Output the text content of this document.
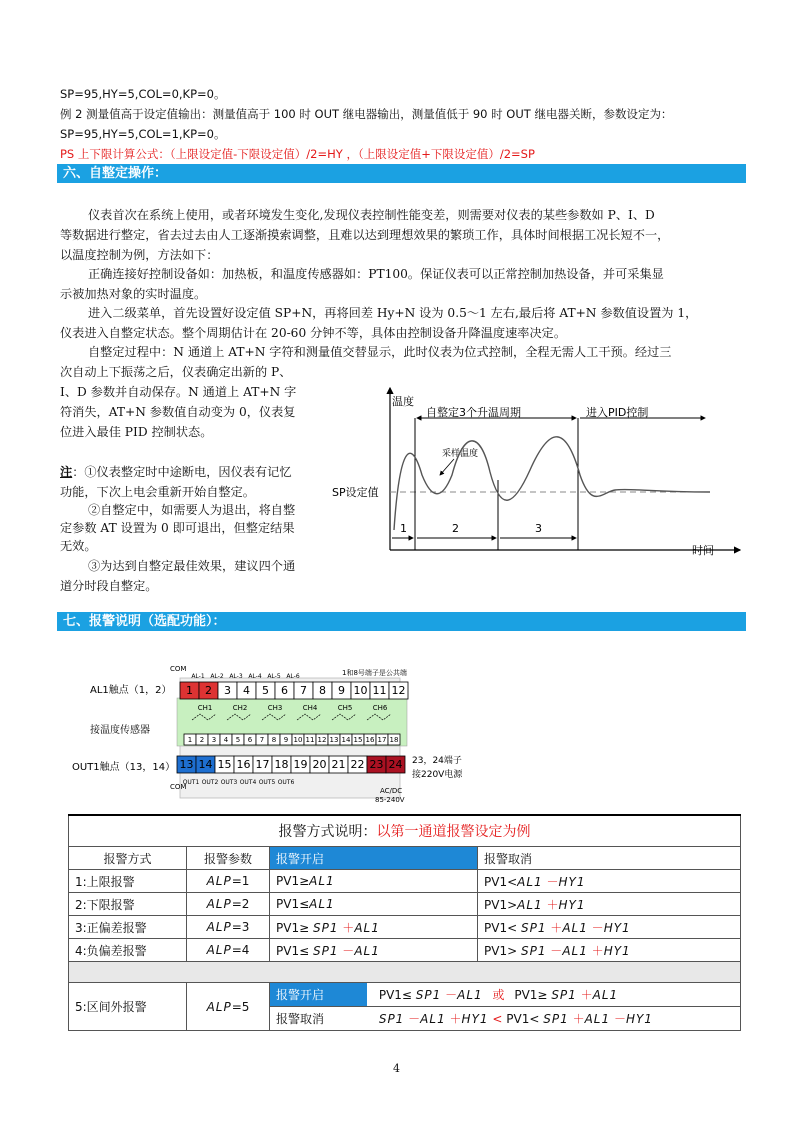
SP=95,HY=5,COL=0,KP=0。
例 2 测量值高于设定值输出：测量值高于 100 时 OUT 继电器输出，测量值低于 90 时 OUT 继电器关断，参数设定为：
SP=95,HY=5,COL=1,KP=0。
PS 上下限计算公式：（上限设定值-下限设定值）/2=HY ，（上限设定值+下限设定值）/2=SP
六、自整定操作：
仪表首次在系统上使用，或者环境发生变化,发现仪表控制性能变差，则需要对仪表的某些参数如 P、I、D
等数据进行整定，省去过去由人工逐渐摸索调整，且难以达到理想效果的繁琐工作，具体时间根据工况长短不一，
以温度控制为例，方法如下：
正确连接好控制设备如：加热板，和温度传感器如：PT100。保证仪表可以正常控制加热设备，并可采集显
示被加热对象的实时温度。
进入二级菜单，首先设置好设定值 SP+N，再将回差 Hy+N 设为 0.5～1 左右,最后将 AT+N 参数值设置为 1，
仪表进入自整定状态。整个周期估计在 20-60 分钟不等，具体由控制设备升降温度速率决定。
自整定过程中：N 通道上 AT+N 字符和测量值交替显示，此时仪表为位式控制，全程无需人工干预。经过三
次自动上下振荡之后，仪表确定出新的 P、
I、D 参数并自动保存。N 通道上 AT+N 字
符消失，AT+N 参数值自动变为 0，仪表复
位进入最佳 PID 控制状态。
注：①仪表整定时中途断电，因仪表有记忆
功能，下次上电会重新开始自整定。
②自整定中，如需要人为退出，将自整
定参数 AT 设置为 0 即可退出，但整定结果
无效。
③为达到自整定最佳效果，建议四个通
道分时段自整定。
温度
时间
SP设定值
自整定3个升温周期	进入PID控制
采样温度
1	2	3
七、报警说明（选配功能）：
COM
COM
AL1触点（1，2）
接温度传感器
OUT1触点（13，14）
1和8号端子是公共端
23，24端子
接220V电源
AC/DC
85-240V
AL-1 AL-2 AL-3 AL-4 AL-5 AL-6
CH1	CH2	CH3	CH4	CH5	CH6
OUT1 OUT2 OUT3 OUT4 OUT5 OUT6
1 2 3 4 5 6 7 8 9 10 11 12
1 2 3 4 5 6 7 8 9 10 11 12 13 14 15 16 17 18
13 14 15 16 17 18 19 20 21 22 23 24
报警方式说明：以第一通道报警设定为例			
报警方式	报警参数	报警开启	报警取消
1:上限报警	ALP=1	PV1≥AL1	PV1<AL1 －HY1
2:下限报警	ALP=2	PV1≤AL1	PV1>AL1 ＋HY1
3:正偏差报警	ALP=3	PV1≥ SP1 ＋AL1	PV1< SP1 ＋AL1 －HY1
4:负偏差报警	ALP=4	PV1≤ SP1 －AL1	PV1> SP1 －AL1 ＋HY1

5:区间外报警	ALP=5	报警开启 PV1≤ SP1 －AL1 或 PV1≥ SP1 ＋AL1	
		报警取消 SP1 －AL1 ＋HY1 < PV1< SP1 ＋AL1 －HY1	
4
